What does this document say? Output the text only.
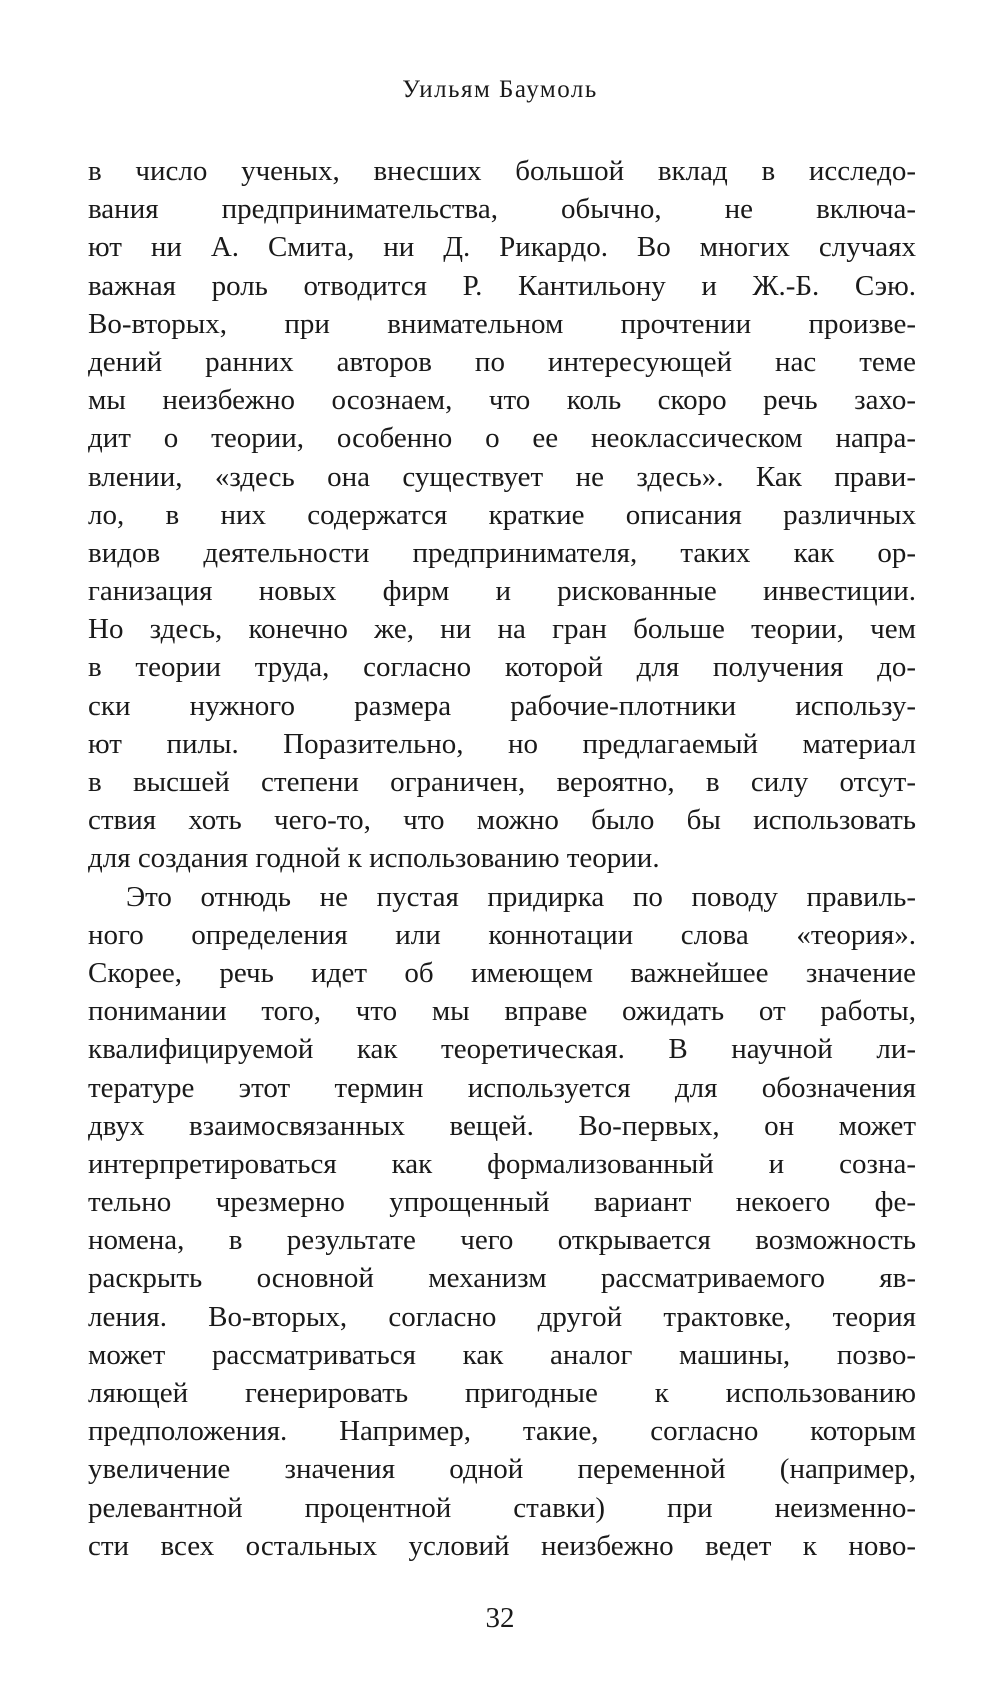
Уильям Баумоль
в число ученых, внесших большой вклад в исследо-
вания предпринимательства, обычно, не включа-
ют ни А. Смита, ни Д. Рикардо. Во многих случаях
важная роль отводится Р. Кантильону и Ж.-Б. Сэю.
Во-вторых, при внимательном прочтении произве-
дений ранних авторов по интересующей нас теме
мы неизбежно осознаем, что коль скоро речь захо-
дит о теории, особенно о ее неоклассическом напра-
влении, «здесь она существует не здесь». Как прави-
ло, в них содержатся краткие описания различных
видов деятельности предпринимателя, таких как ор-
ганизация новых фирм и рискованные инвестиции.
Но здесь, конечно же, ни на гран больше теории, чем
в теории труда, согласно которой для получения до-
ски нужного размера рабочие-плотники использу-
ют пилы. Поразительно, но предлагаемый материал
в высшей степени ограничен, вероятно, в силу отсут-
ствия хоть чего-то, что можно было бы использовать
для создания годной к использованию теории.
Это отнюдь не пустая придирка по поводу правиль-
ного определения или коннотации слова «теория».
Скорее, речь идет об имеющем важнейшее значение
понимании того, что мы вправе ожидать от работы,
квалифицируемой как теоретическая. В научной ли-
тературе этот термин используется для обозначения
двух взаимосвязанных вещей. Во-первых, он может
интерпретироваться как формализованный и созна-
тельно чрезмерно упрощенный вариант некоего фе-
номена, в результате чего открывается возможность
раскрыть основной механизм рассматриваемого яв-
ления. Во-вторых, согласно другой трактовке, теория
может рассматриваться как аналог машины, позво-
ляющей генерировать пригодные к использованию
предположения. Например, такие, согласно которым
увеличение значения одной переменной (например,
релевантной процентной ставки) при неизменно-
сти всех остальных условий неизбежно ведет к ново-
32
